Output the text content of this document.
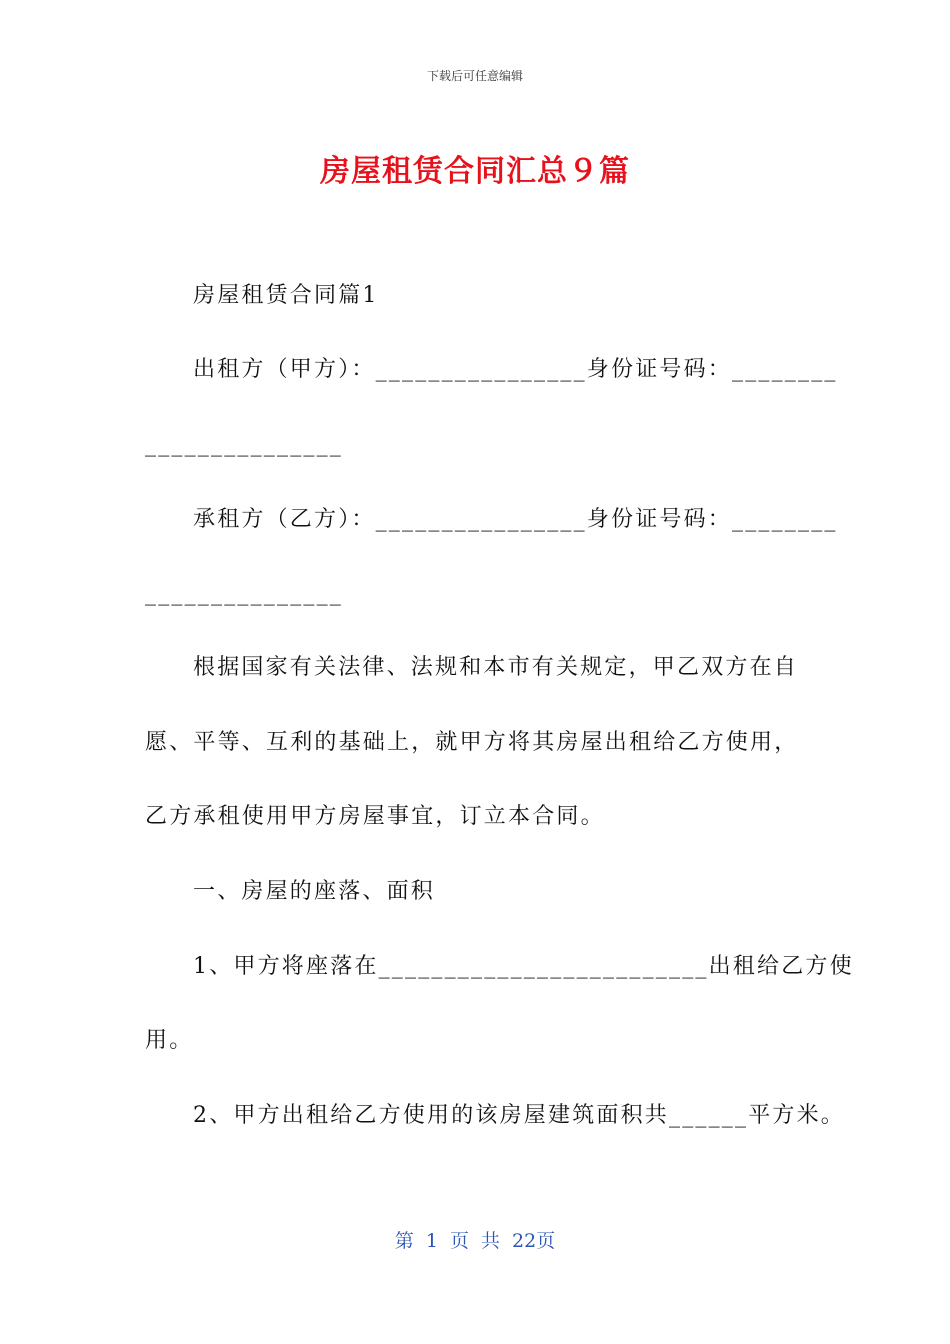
下载后可任意编辑
房屋租赁合同汇总９篇
房屋租赁合同篇1
出租方（甲方）：________________身份证号码：________
_______________
承租方（乙方）：________________身份证号码：________
_______________
根据国家有关法律、法规和本市有关规定，甲乙双方在自
愿、平等、互利的基础上，就甲方将其房屋出租给乙方使用，
乙方承租使用甲方房屋事宜，订立本合同。
一、房屋的座落、面积
1、甲方将座落在_________________________出租给乙方使
用。
2、甲方出租给乙方使用的该房屋建筑面积共______平方米。
第 1 页 共 22页
